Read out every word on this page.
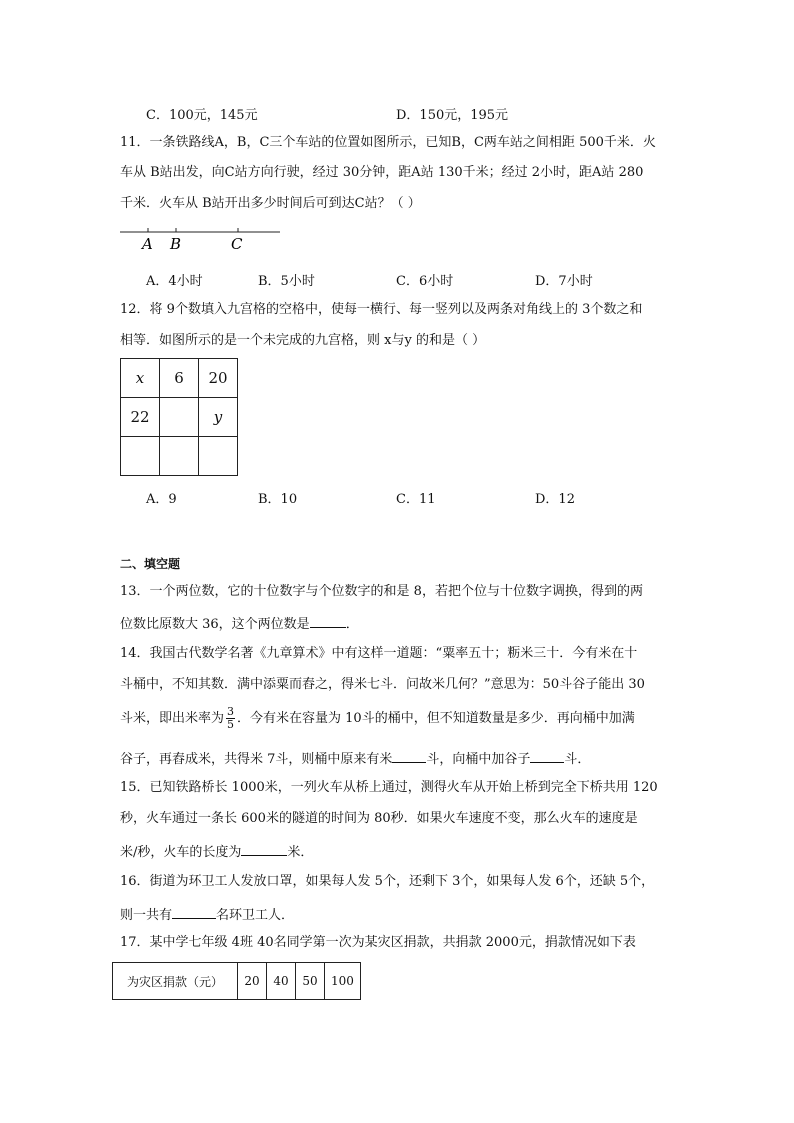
C．100元，145元	D．150元，195元
11．一条铁路线A，B，C三个车站的位置如图所示，已知B，C两车站之间相距 500千米．火
车从 B站出发，向C站方向行驶，经过 30分钟，距A站 130千米；经过 2小时，距A站 280
千米．火车从 B站开出多少时间后可到达C站？（ ）
A B	C
A．4小时	B．5小时	C．6小时	D．7小时
12．将 9个数填入九宫格的空格中，使每一横行、每一竖列以及两条对角线上的 3个数之和
相等．如图所示的是一个未完成的九宫格，则 x与y 的和是（ ）
x	6	20
22		y

A．9	B．10	C．11	D．12
二、填空题
13．一个两位数，它的十位数字与个位数字的和是 8，若把个位与十位数字调换，得到的两
位数比原数大 36，这个两位数是	．
14．我国古代数学名著《九章算术》中有这样一道题：“粟率五十；粝米三十．今有米在十
斗桶中，不知其数．满中添粟而舂之，得米七斗．问故米几何？”意思为：50斗谷子能出 30
斗米，即出米率为 $\frac{3}{5}$ ．今有米在容量为 10斗的桶中，但不知道数量是多少．再向桶中加满
谷子，再舂成米，共得米 7斗，则桶中原来有米	斗，向桶中加谷子	斗．
15．已知铁路桥长 1000米，一列火车从桥上通过，测得火车从开始上桥到完全下桥共用 120
秒，火车通过一条长 600米的隧道的时间为 80秒．如果火车速度不变，那么火车的速度是
米/秒，火车的长度为	米．
16．街道为环卫工人发放口罩，如果每人发 5个，还剩下 3个，如果每人发 6个，还缺 5个，
则一共有	名环卫工人．
17．某中学七年级 4班 40名同学第一次为某灾区捐款，共捐款 2000元，捐款情况如下表
为灾区捐款（元）	20	40	50	100
